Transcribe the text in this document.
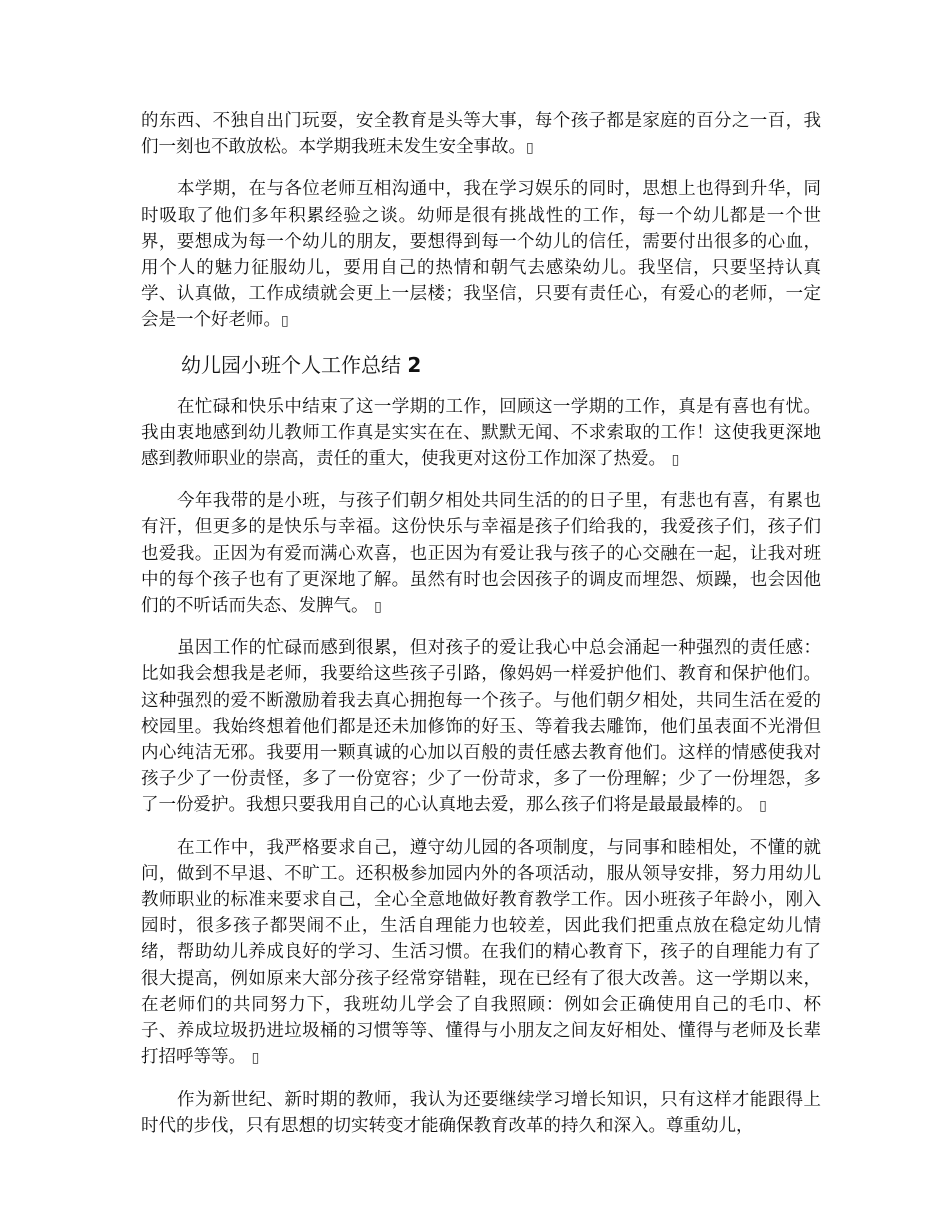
的东西、不独自出门玩耍，安全教育是头等大事，每个孩子都是家庭的百分之一百，我们一刻也不敢放松。本学期我班未发生安全事故。▯

本学期，在与各位老师互相沟通中，我在学习娱乐的同时，思想上也得到升华，同时吸取了他们多年积累经验之谈。幼师是很有挑战性的工作，每一个幼儿都是一个世界，要想成为每一个幼儿的朋友，要想得到每一个幼儿的信任，需要付出很多的心血，用个人的魅力征服幼儿，要用自己的热情和朝气去感染幼儿。我坚信，只要坚持认真学、认真做，工作成绩就会更上一层楼；我坚信，只要有责任心，有爱心的老师，一定会是一个好老师。▯

幼儿园小班个人工作总结 2

在忙碌和快乐中结束了这一学期的工作，回顾这一学期的工作，真是有喜也有忧。我由衷地感到幼儿教师工作真是实实在在、默默无闻、不求索取的工作！这使我更深地感到教师职业的崇高，责任的重大，使我更对这份工作加深了热爱。 ▯

今年我带的是小班，与孩子们朝夕相处共同生活的的日子里，有悲也有喜，有累也有汗，但更多的是快乐与幸福。这份快乐与幸福是孩子们给我的，我爱孩子们，孩子们也爱我。正因为有爱而满心欢喜，也正因为有爱让我与孩子的心交融在一起，让我对班中的每个孩子也有了更深地了解。虽然有时也会因孩子的调皮而埋怨、烦躁，也会因他们的不听话而失态、发脾气。 ▯

虽因工作的忙碌而感到很累，但对孩子的爱让我心中总会涌起一种强烈的责任感：比如我会想我是老师，我要给这些孩子引路，像妈妈一样爱护他们、教育和保护他们。这种强烈的爱不断激励着我去真心拥抱每一个孩子。与他们朝夕相处，共同生活在爱的校园里。我始终想着他们都是还未加修饰的好玉、等着我去雕饰，他们虽表面不光滑但内心纯洁无邪。我要用一颗真诚的心加以百般的责任感去教育他们。这样的情感使我对孩子少了一份责怪，多了一份宽容；少了一份苛求，多了一份理解；少了一份埋怨，多了一份爱护。我想只要我用自己的心认真地去爱，那么孩子们将是最最最棒的。 ▯

在工作中，我严格要求自己，遵守幼儿园的各项制度，与同事和睦相处，不懂的就问，做到不早退、不旷工。还积极参加园内外的各项活动，服从领导安排，努力用幼儿教师职业的标准来要求自己，全心全意地做好教育教学工作。因小班孩子年龄小，刚入园时，很多孩子都哭闹不止，生活自理能力也较差，因此我们把重点放在稳定幼儿情绪，帮助幼儿养成良好的学习、生活习惯。在我们的精心教育下，孩子的自理能力有了很大提高，例如原来大部分孩子经常穿错鞋，现在已经有了很大改善。这一学期以来，在老师们的共同努力下，我班幼儿学会了自我照顾：例如会正确使用自己的毛巾、杯子、养成垃圾扔进垃圾桶的习惯等等、懂得与小朋友之间友好相处、懂得与老师及长辈打招呼等等。 ▯

作为新世纪、新时期的教师，我认为还要继续学习增长知识，只有这样才能跟得上时代的步伐，只有思想的切实转变才能确保教育改革的持久和深入。尊重幼儿，
